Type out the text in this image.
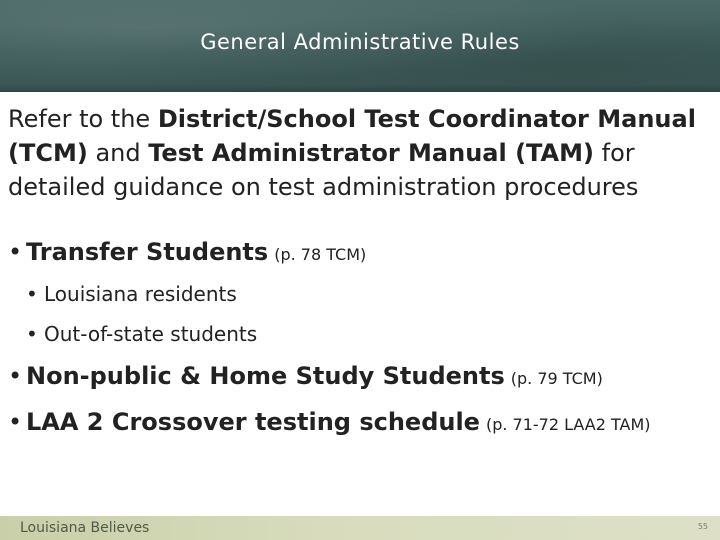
General Administrative Rules

Refer to the District/School Test Coordinator Manual (TCM) and Test Administrator Manual (TAM) for detailed guidance on test administration procedures

• Transfer Students (p. 78 TCM)
• Louisiana residents
• Out-of-state students
• Non-public & Home Study Students (p. 79 TCM)
• LAA 2 Crossover testing schedule (p. 71-72 LAA2 TAM)
Louisiana Believes	55
